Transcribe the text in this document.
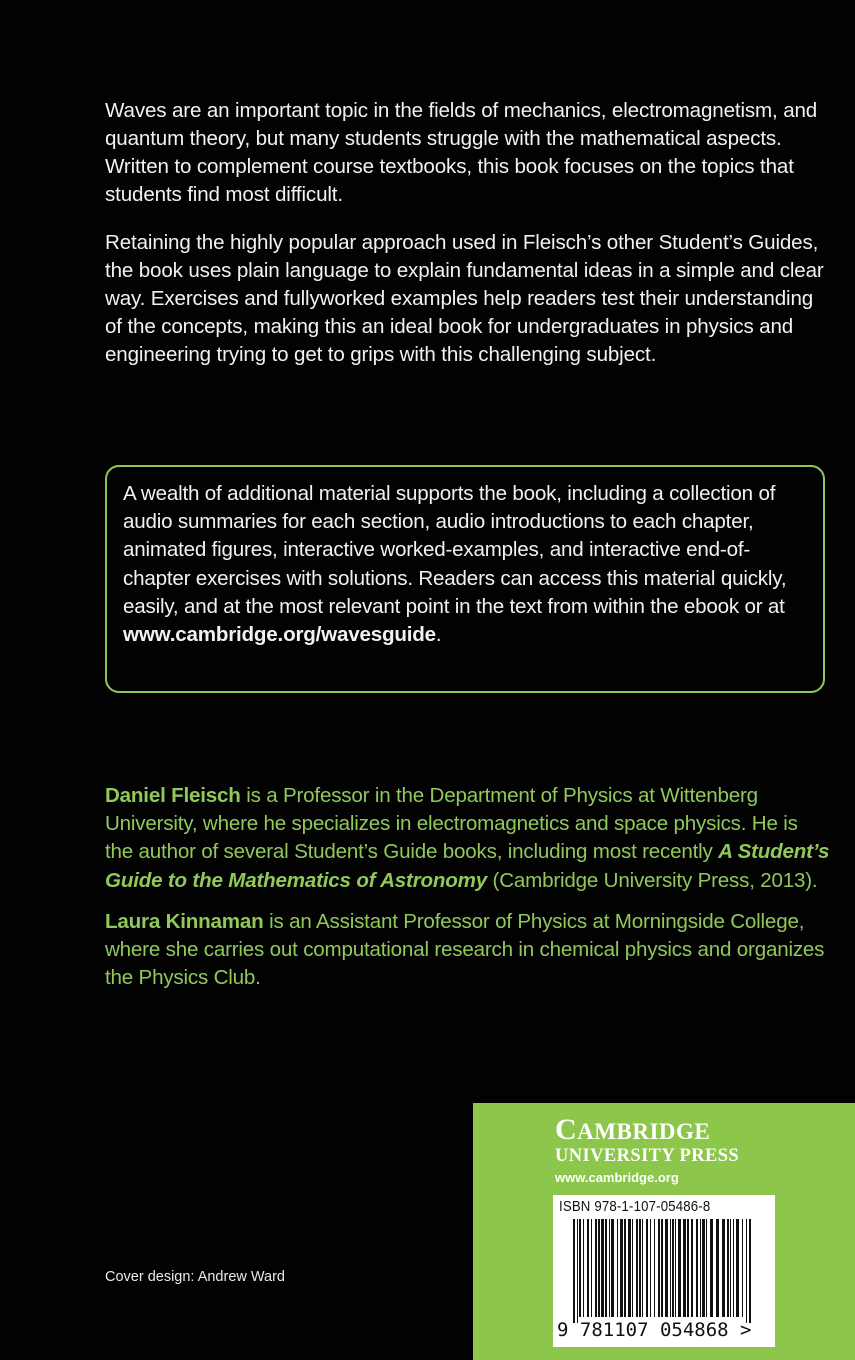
Waves are an important topic in the fields of mechanics, electromagnetism, and quantum theory, but many students struggle with the mathematical aspects. Written to complement course textbooks, this book focuses on the topics that students find most difficult.

Retaining the highly popular approach used in Fleisch’s other Student’s Guides, the book uses plain language to explain fundamental ideas in a simple and clear way. Exercises and fullyworked examples help readers test their understanding of the concepts, making this an ideal book for undergraduates in physics and engineering trying to get to grips with this challenging subject.

A wealth of additional material supports the book, including a collection of audio summaries for each section, audio introductions to each chapter, animated figures, interactive worked-examples, and interactive end-of-chapter exercises with solutions. Readers can access this material quickly, easily, and at the most relevant point in the text from within the ebook or at www.cambridge.org/wavesguide.

Daniel Fleisch is a Professor in the Department of Physics at Wittenberg University, where he specializes in electromagnetics and space physics. He is the author of several Student’s Guide books, including most recently A Student’s Guide to the Mathematics of Astronomy (Cambridge University Press, 2013).

Laura Kinnaman is an Assistant Professor of Physics at Morningside College, where she carries out computational research in chemical physics and organizes the Physics Club.

Cover design: Andrew Ward
CAMBRIDGE
UNIVERSITY PRESS
www.cambridge.org
ISBN 978-1-107-05486-8
9 781107 054868 >
